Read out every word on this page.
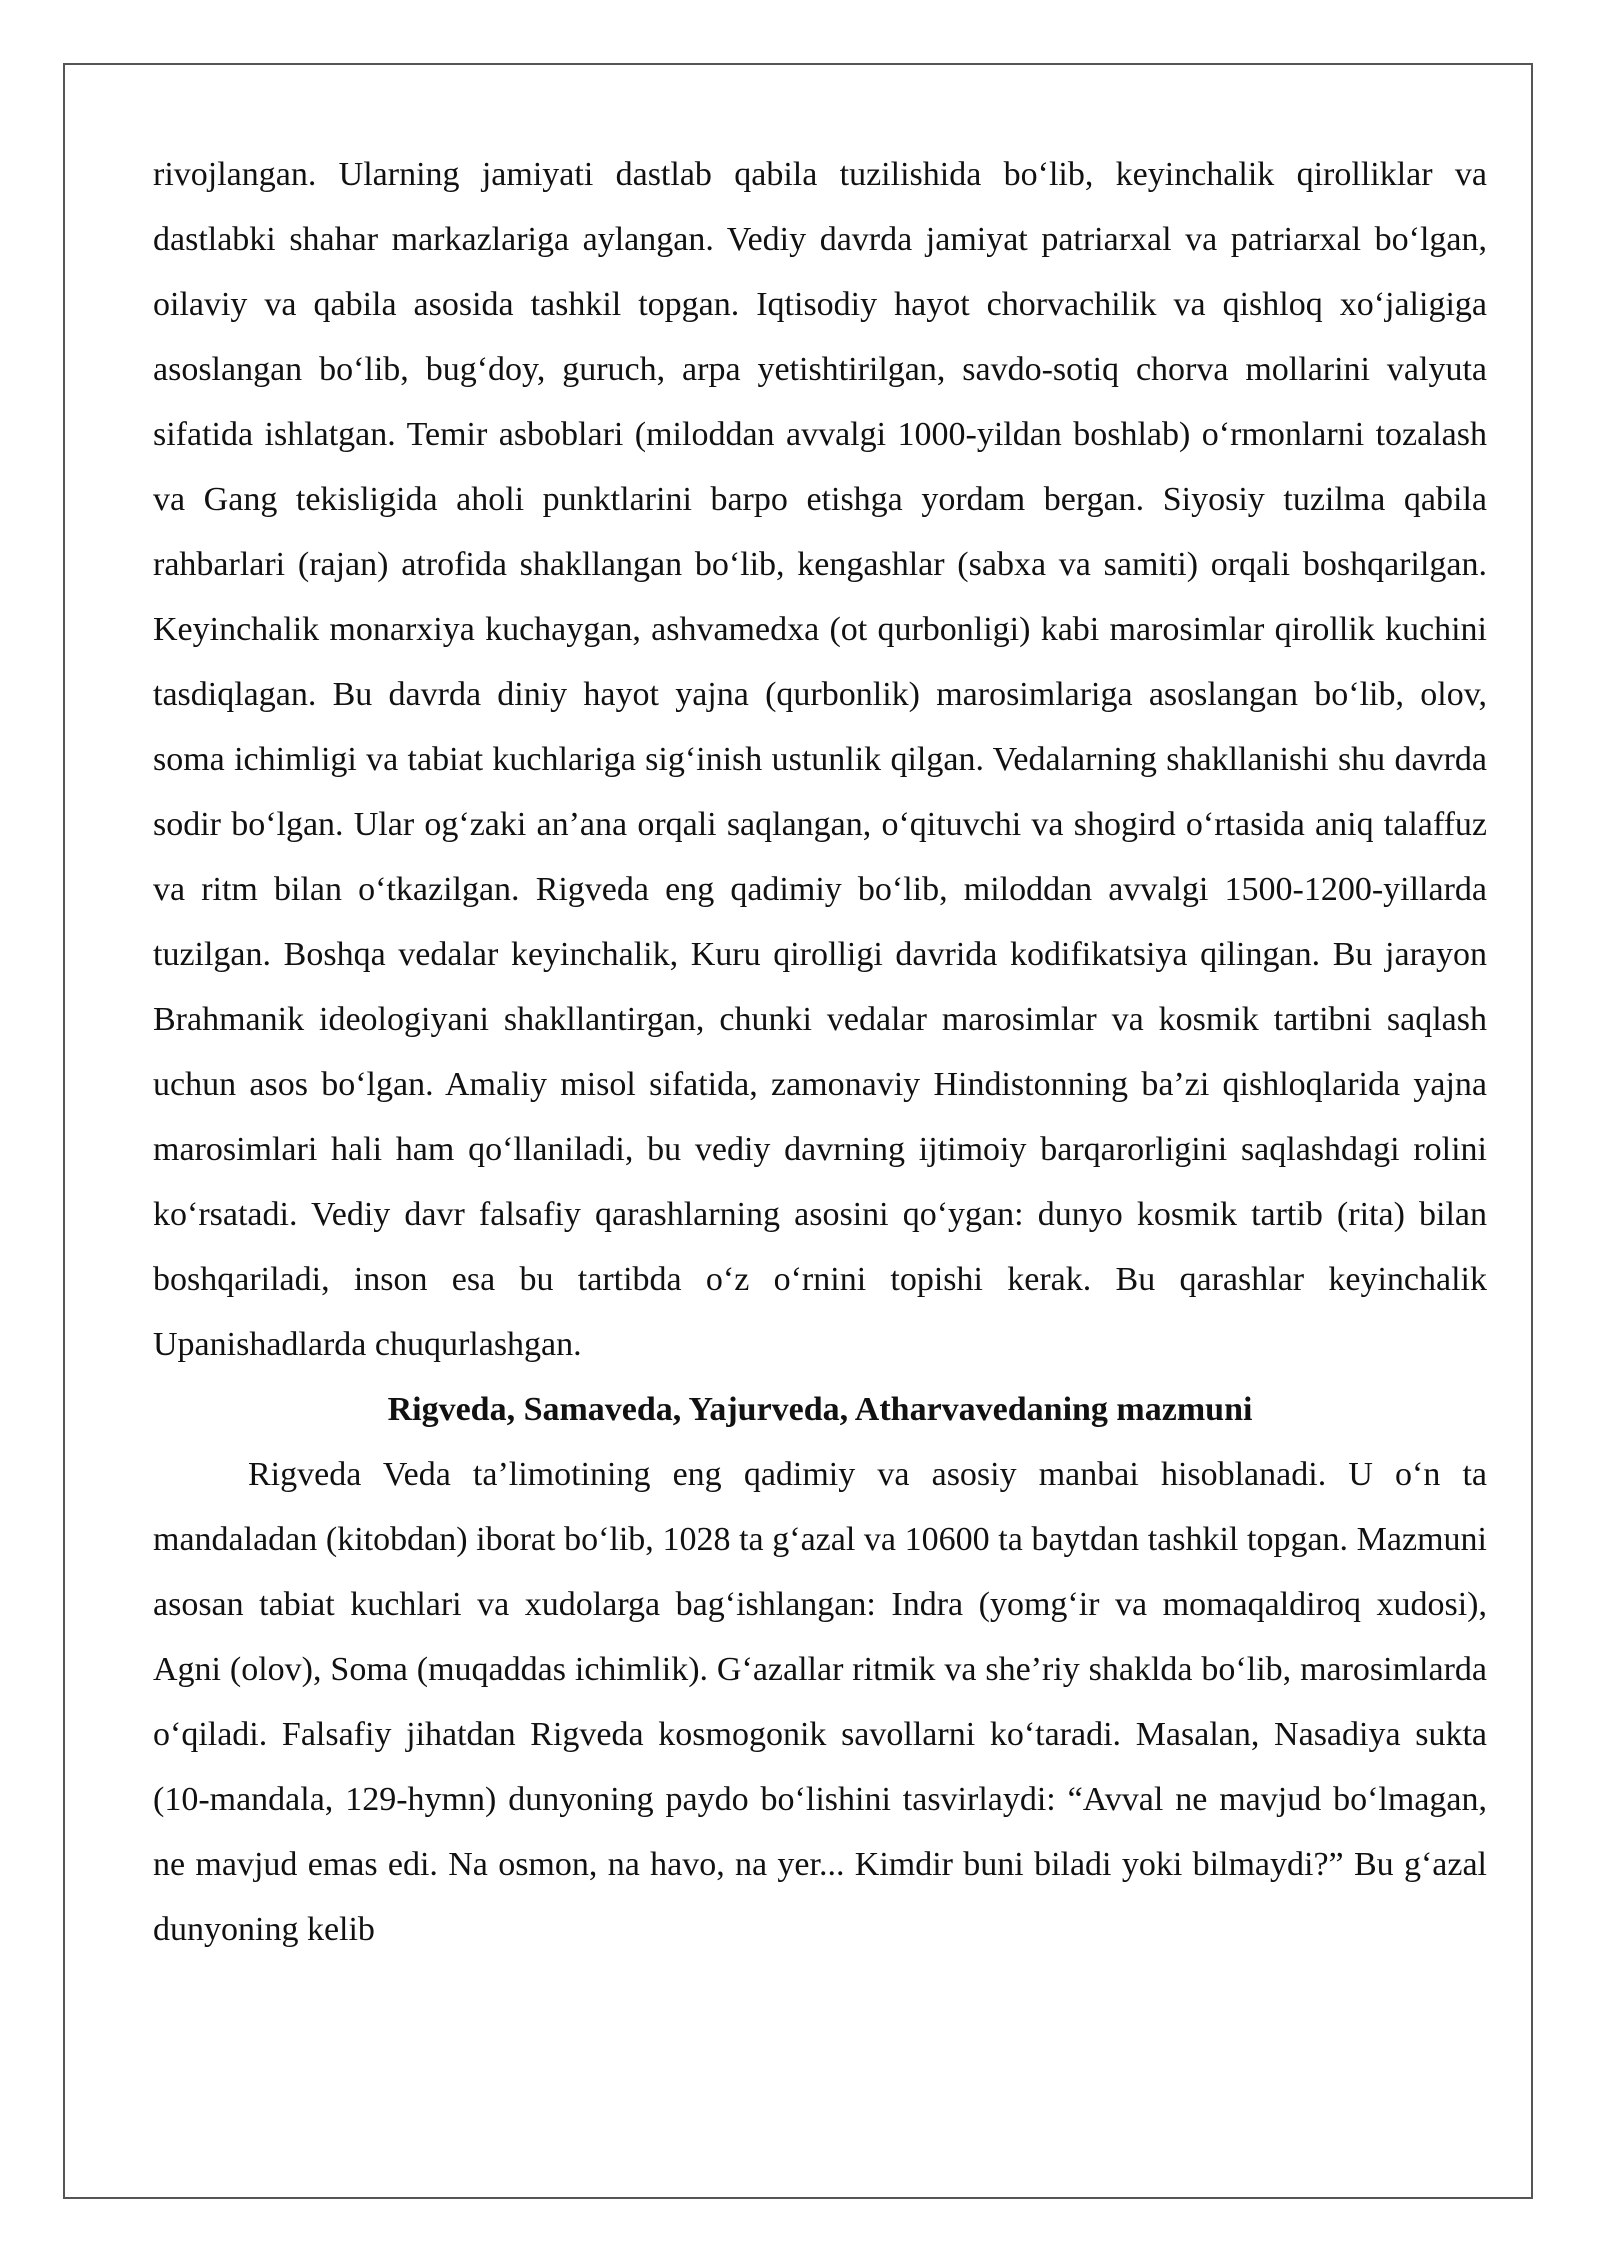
rivojlangan. Ularning jamiyati dastlab qabila tuzilishida bo‘lib, keyinchalik qirolliklar va dastlabki shahar markazlariga aylangan. Vediy davrda jamiyat patriarxal va patriarxal bo‘lgan, oilaviy va qabila asosida tashkil topgan. Iqtisodiy hayot chorvachilik va qishloq xo‘jaligiga asoslangan bo‘lib, bug‘doy, guruch, arpa yetishtirilgan, savdo-sotiq chorva mollarini valyuta sifatida ishlatgan. Temir asboblari (miloddan avvalgi 1000-yildan boshlab) o‘rmonlarni tozalash va Gang tekisligida aholi punktlarini barpo etishga yordam bergan. Siyosiy tuzilma qabila rahbarlari (rajan) atrofida shakllangan bo‘lib, kengashlar (sabxa va samiti) orqali boshqarilgan. Keyinchalik monarxiya kuchaygan, ashvamedxa (ot qurbonligi) kabi marosimlar qirollik kuchini tasdiqlagan. Bu davrda diniy hayot yajna (qurbonlik) marosimlariga asoslangan bo‘lib, olov, soma ichimligi va tabiat kuchlariga sig‘inish ustunlik qilgan. Vedalarning shakllanishi shu davrda sodir bo‘lgan. Ular og‘zaki an’ana orqali saqlangan, o‘qituvchi va shogird o‘rtasida aniq talaffuz va ritm bilan o‘tkazilgan. Rigveda eng qadimiy bo‘lib, miloddan avvalgi 1500-1200-yillarda tuzilgan. Boshqa vedalar keyinchalik, Kuru qirolligi davrida kodifikatsiya qilingan. Bu jarayon Brahmanik ideologiyani shakllantirgan, chunki vedalar marosimlar va kosmik tartibni saqlash uchun asos bo‘lgan. Amaliy misol sifatida, zamonaviy Hindistonning ba’zi qishloqlarida yajna marosimlari hali ham qo‘llaniladi, bu vediy davrning ijtimoiy barqarorligini saqlashdagi rolini ko‘rsatadi. Vediy davr falsafiy qarashlarning asosini qo‘ygan: dunyo kosmik tartib (rita) bilan boshqariladi, inson esa bu tartibda o‘z o‘rnini topishi kerak. Bu qarashlar keyinchalik Upanishadlarda chuqurlashgan.

Rigveda, Samaveda, Yajurveda, Atharvavedaning mazmuni

Rigveda Veda ta’limotining eng qadimiy va asosiy manbai hisoblanadi. U o‘n ta mandaladan (kitobdan) iborat bo‘lib, 1028 ta g‘azal va 10600 ta baytdan tashkil topgan. Mazmuni asosan tabiat kuchlari va xudolarga bag‘ishlangan: Indra (yomg‘ir va momaqaldiroq xudosi), Agni (olov), Soma (muqaddas ichimlik). G‘azallar ritmik va she’riy shaklda bo‘lib, marosimlarda o‘qiladi. Falsafiy jihatdan Rigveda kosmogonik savollarni ko‘taradi. Masalan, Nasadiya sukta (10-mandala, 129-hymn) dunyoning paydo bo‘lishini tasvirlaydi: “Avval ne mavjud bo‘lmagan, ne mavjud emas edi. Na osmon, na havo, na yer... Kimdir buni biladi yoki bilmaydi?” Bu g‘azal dunyoning kelib
